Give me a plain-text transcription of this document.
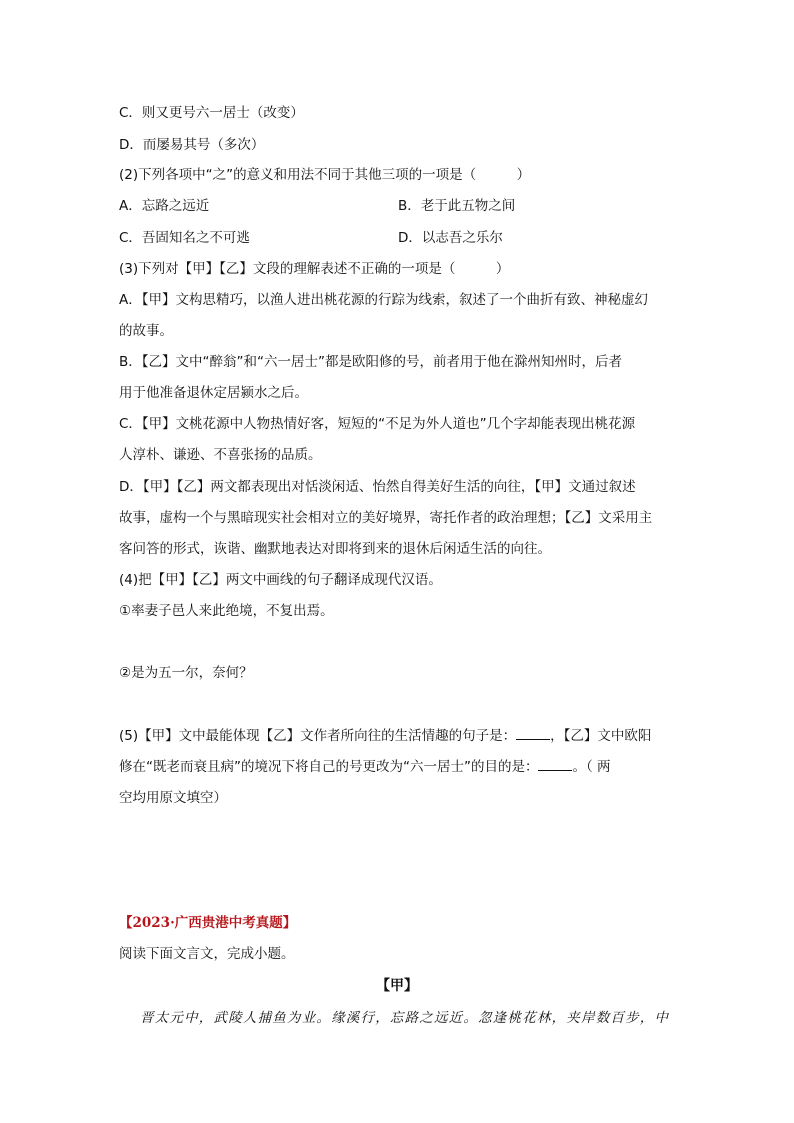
C．则又更号六一居士（改变）
D．而屡易其号（多次）
(2)下列各项中“之”的意义和用法不同于其他三项的一项是（　　　）
A．忘路之远近	B．老于此五物之间
C．吾固知名之不可逃	D．以志吾之乐尔
(3)下列对【甲】【乙】文段的理解表述不正确的一项是（　　　）
A．【甲】文构思精巧，以渔人进出桃花源的行踪为线索，叙述了一个曲折有致、神秘虚幻
的故事。
B．【乙】文中“醉翁”和“六一居士”都是欧阳修的号，前者用于他在滁州知州时，后者
用于他准备退休定居颍水之后。
C．【甲】文桃花源中人物热情好客，短短的“不足为外人道也”几个字却能表现出桃花源
人淳朴、谦逊、不喜张扬的品质。
D．【甲】【乙】两文都表现出对恬淡闲适、怡然自得美好生活的向往，【甲】文通过叙述
故事，虚构一个与黑暗现实社会相对立的美好境界，寄托作者的政治理想；【乙】文采用主
客问答的形式，诙谐、幽默地表达对即将到来的退休后闲适生活的向往。
(4)把【甲】【乙】两文中画线的句子翻译成现代汉语。
①率妻子邑人来此绝境，不复出焉。
②是为五一尔，奈何？
(5)【甲】文中最能体现【乙】文作者所向往的生活情趣的句子是：	，【乙】文中欧阳
修在“既老而衰且病”的境况下将自己的号更改为“六一居士”的目的是：	。（ 两
空均用原文填空）
【2023·广西贵港中考真题】
阅读下面文言文，完成小题。
【甲】
晋太元中，武陵人捕鱼为业。缘溪行，忘路之远近。忽逢桃花林，夹岸数百步，中
